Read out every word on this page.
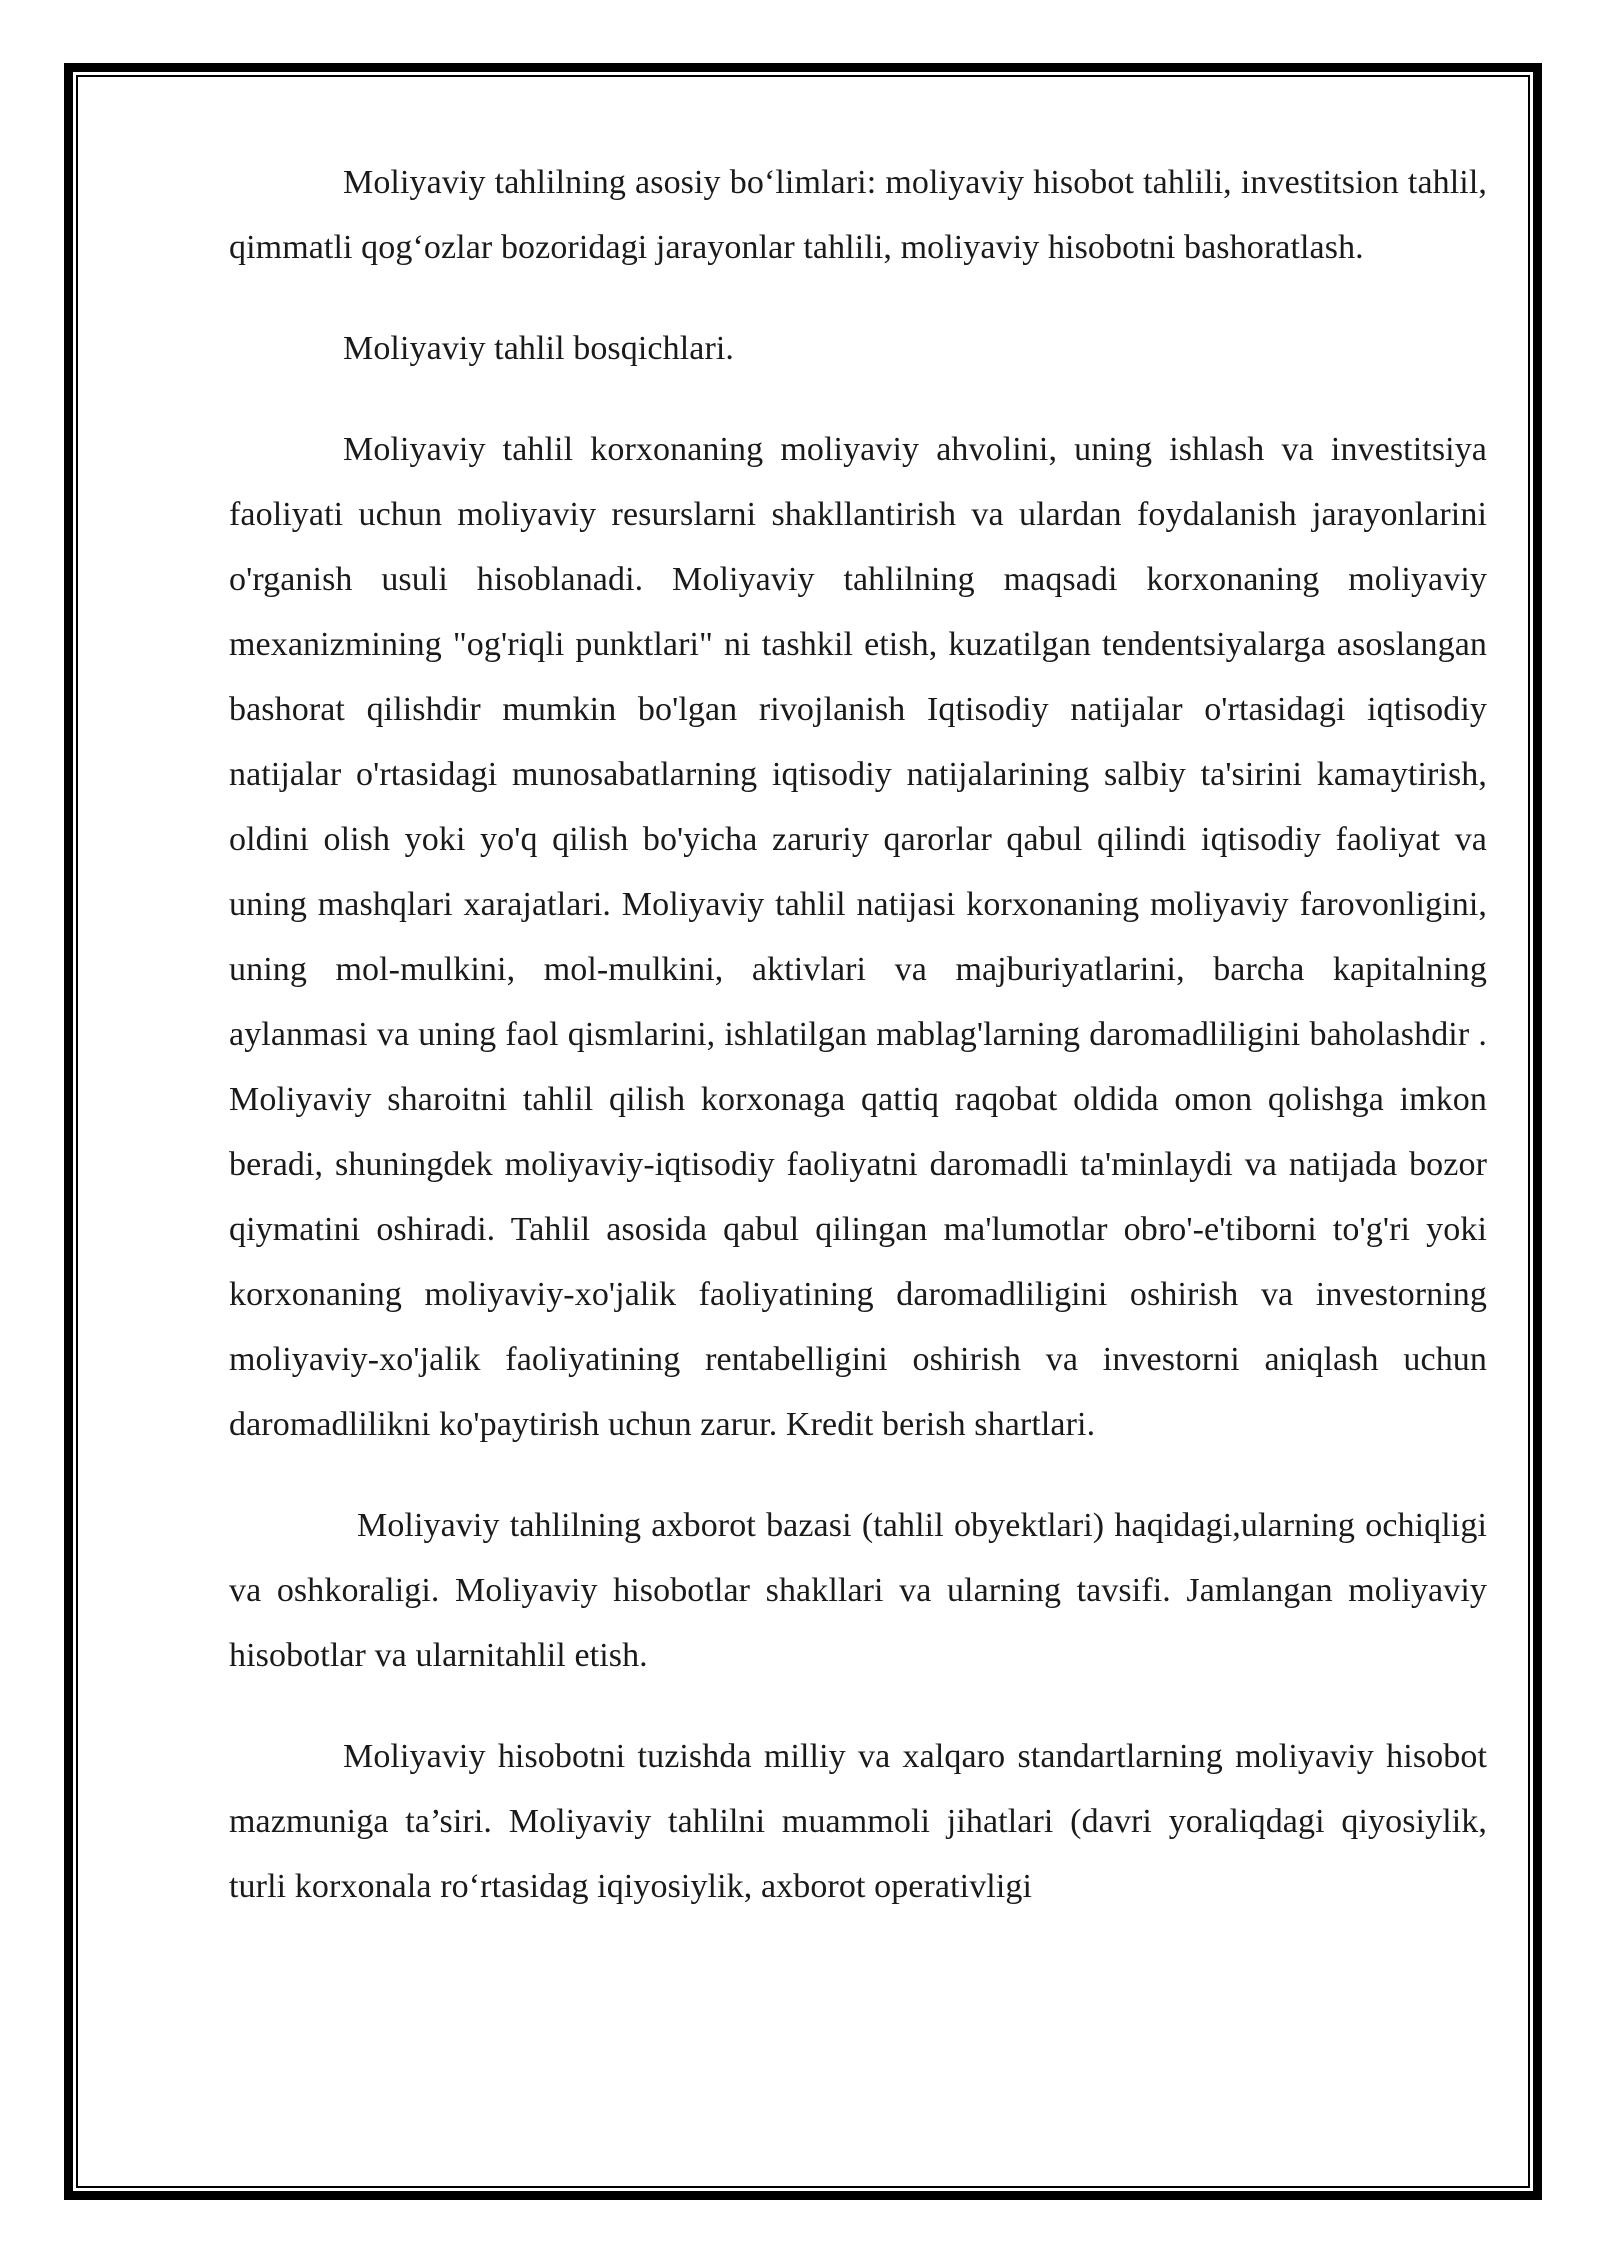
Moliyaviy tahlilning asosiy bo‘limlari: moliyaviy hisobot tahlili, investitsion tahlil, qimmatli qog‘ozlar bozoridagi jarayonlar tahlili, moliyaviy hisobotni bashoratlash.

Moliyaviy tahlil bosqichlari.

Moliyaviy tahlil korxonaning moliyaviy ahvolini, uning ishlash va investitsiya faoliyati uchun moliyaviy resurslarni shakllantirish va ulardan foydalanish jarayonlarini o'rganish usuli hisoblanadi. Moliyaviy tahlilning maqsadi korxonaning moliyaviy mexanizmining "og'riqli punktlari" ni tashkil etish, kuzatilgan tendentsiyalarga asoslangan bashorat qilishdir mumkin bo'lgan rivojlanish Iqtisodiy natijalar o'rtasidagi iqtisodiy natijalar o'rtasidagi munosabatlarning iqtisodiy natijalarining salbiy ta'sirini kamaytirish, oldini olish yoki yo'q qilish bo'yicha zaruriy qarorlar qabul qilindi iqtisodiy faoliyat va uning mashqlari xarajatlari. Moliyaviy tahlil natijasi korxonaning moliyaviy farovonligini, uning mol-mulkini, mol-mulkini, aktivlari va majburiyatlarini, barcha kapitalning aylanmasi va uning faol qismlarini, ishlatilgan mablag'larning daromadliligini baholashdir . Moliyaviy sharoitni tahlil qilish korxonaga qattiq raqobat oldida omon qolishga imkon beradi, shuningdek moliyaviy-iqtisodiy faoliyatni daromadli ta'minlaydi va natijada bozor qiymatini oshiradi. Tahlil asosida qabul qilingan ma'lumotlar obro'-e'tiborni to'g'ri yoki korxonaning moliyaviy-xo'jalik faoliyatining daromadliligini oshirish va investorning moliyaviy-xo'jalik faoliyatining rentabelligini oshirish va investorni aniqlash uchun daromadlilikni ko'paytirish uchun zarur. Kredit berish shartlari.

Moliyaviy tahlilning axborot bazasi (tahlil obyektlari) haqidagi,ularning ochiqligi va oshkoraligi. Moliyaviy hisobotlar shakllari va ularning tavsifi. Jamlangan moliyaviy hisobotlar va ularnitahlil etish.

Moliyaviy hisobotni tuzishda milliy va xalqaro standartlarning moliyaviy hisobot mazmuniga ta’siri. Moliyaviy tahlilni muammoli jihatlari (davri yoraliqdagi qiyosiylik, turli korxonala ro‘rtasidag iqiyosiylik, axborot operativligi
